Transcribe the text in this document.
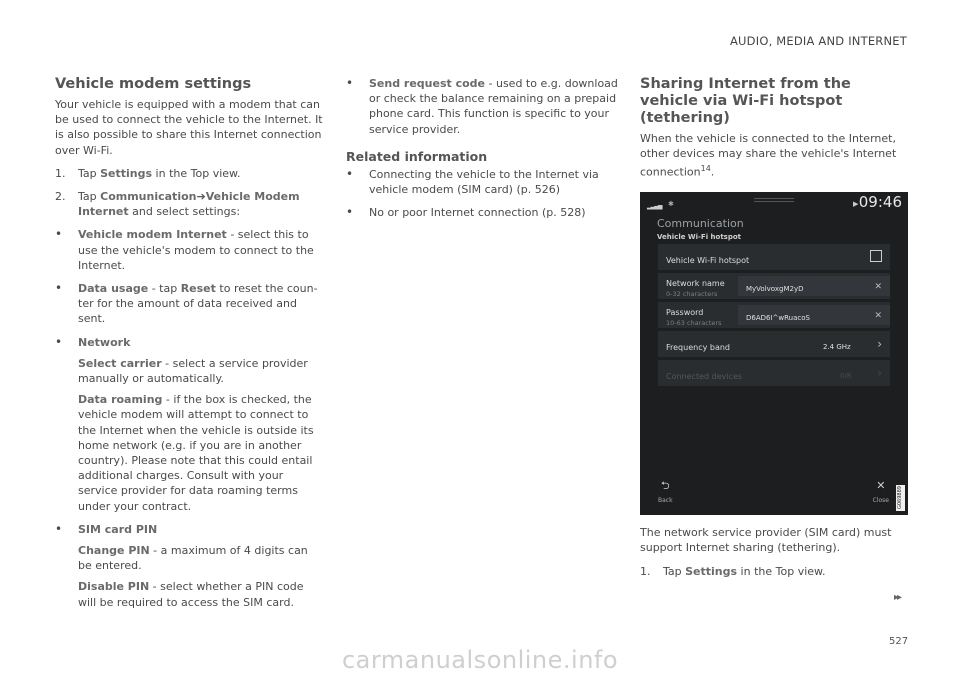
AUDIO, MEDIA AND INTERNET
Vehicle modem settings

Your vehicle is equipped with a modem that can be used to connect the vehicle to the Internet. It is also possible to share this Internet connection over Wi-Fi.

1.	Tap Settings in the Top view.
2.	Tap Communication➔Vehicle Modem Internet and select settings:
•	Vehicle modem Internet - select this to use the vehicle's modem to connect to the Internet.
•	Data usage - tap Reset to reset the coun-ter for the amount of data received and sent.
•	Network

Select carrier - select a service provider manually or automatically.

Data roaming - if the box is checked, the vehicle modem will attempt to connect to the Internet when the vehicle is outside its home network (e.g. if you are in another country). Please note that this could entail additional charges. Consult with your service provider for data roaming terms under your contract.

•	SIM card PIN

Change PIN - a maximum of 4 digits can be entered.

Disable PIN - select whether a PIN code will be required to access the SIM card.

•	Send request code - used to e.g. download or check the balance remaining on a prepaid phone card. This function is specific to your service provider.
Related information
•	Connecting the vehicle to the Internet via vehicle modem (SIM card) (p. 526)
•	No or poor Internet connection (p. 528)
Sharing Internet from the vehicle via Wi-Fi hotspot (tethering)

When the vehicle is connected to the Internet, other devices may share the vehicle's Internet connection$^{14}$.

▂▃▄▅ ✱	▶ 09:46
Communication
Vehicle Wi-Fi hotspot
Vehicle Wi-Fi hotspot
Network name
0-32 characters
MyVolvoxgM2yD	✕
Password
10-63 characters
D6AD6I^wRuacoS	✕
Frequency band	2.4 GHz ›
Connected devices	0/8 ›
⮌
Back
✕
Close G069889

The network service provider (SIM card) must support Internet sharing (tethering).

1.	Tap Settings in the Top view.
▸▸
527
carmanualsonline.info
